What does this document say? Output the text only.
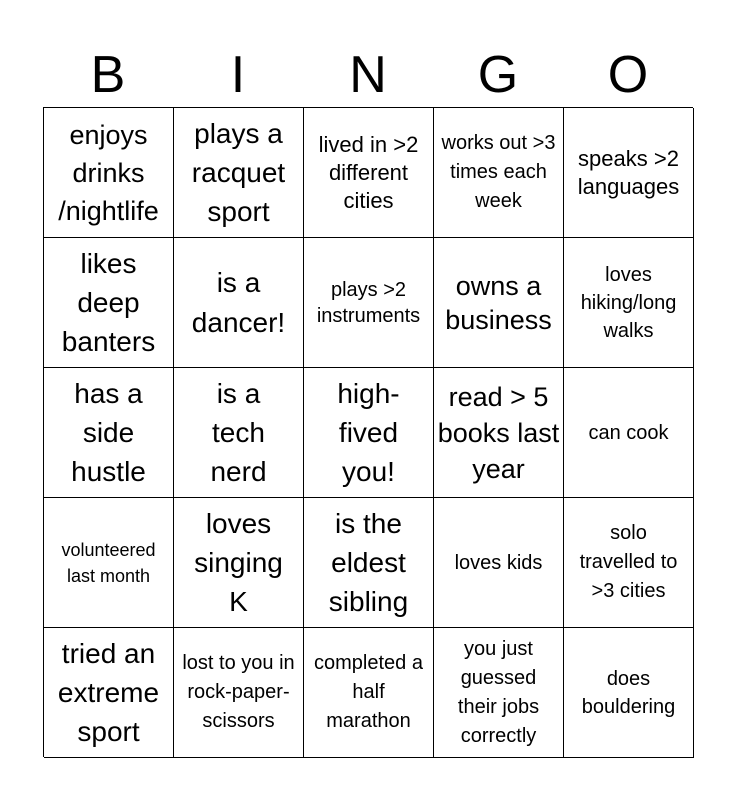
B	I	N	G	O
enjoys drinks /nightlife
plays a racquet sport
lived in >2 different cities
works out >3 times each week
speaks >2 languages
likes deep banters
is a dancer!
plays >2 instruments
owns a business
loves hiking/long walks
has a side hustle
is a tech nerd
high-fived you!
read > 5 books last year
can cook
volunteered last month
loves singing K
is the eldest sibling
loves kids
solo travelled to >3 cities
tried an extreme sport
lost to you in rock-paper-scissors
completed a half marathon
you just guessed their jobs correctly
does bouldering
